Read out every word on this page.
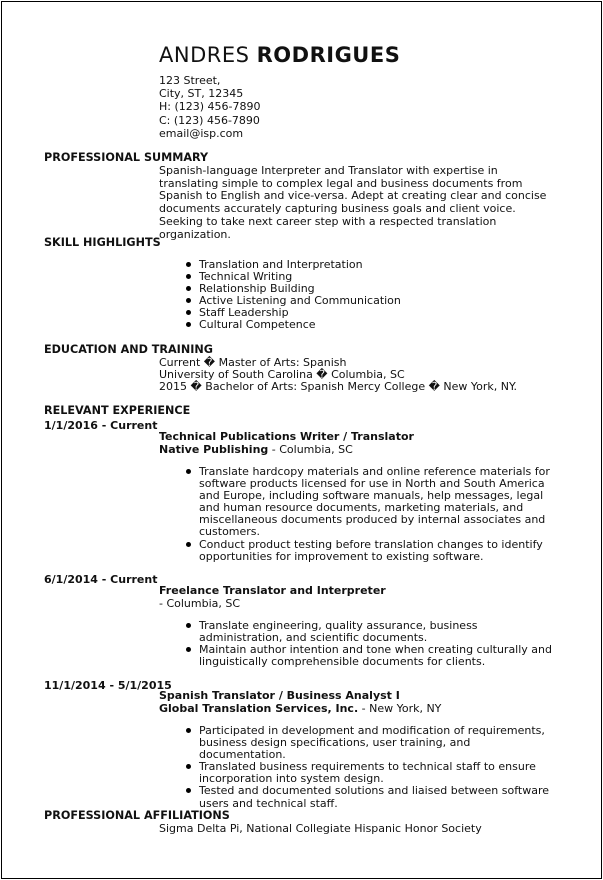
ANDRES RODRIGUES
123 Street,
City, ST, 12345
H: (123) 456-7890
C: (123) 456-7890
email@isp.com
PROFESSIONAL SUMMARY
Spanish-language Interpreter and Translator with expertise in translating simple to complex legal and business documents from Spanish to English and vice-versa. Adept at creating clear and concise documents accurately capturing business goals and client voice. Seeking to take next career step with a respected translation organization.
SKILL HIGHLIGHTS
Translation and Interpretation
Technical Writing
Relationship Building
Active Listening and Communication
Staff Leadership
Cultural Competence
EDUCATION AND TRAINING
Current � Master of Arts: Spanish
University of South Carolina � Columbia, SC
2015 � Bachelor of Arts: Spanish Mercy College � New York, NY.
RELEVANT EXPERIENCE
1/1/2016 - Current
Technical Publications Writer / Translator
Native Publishing - Columbia, SC
Translate hardcopy materials and online reference materials for software products licensed for use in North and South America and Europe, including software manuals, help messages, legal and human resource documents, marketing materials, and miscellaneous documents produced by internal associates and customers.
Conduct product testing before translation changes to identify opportunities for improvement to existing software.
6/1/2014 - Current
Freelance Translator and Interpreter
- Columbia, SC
Translate engineering, quality assurance, business administration, and scientific documents.
Maintain author intention and tone when creating culturally and linguistically comprehensible documents for clients.
11/1/2014 - 5/1/2015
Spanish Translator / Business Analyst I
Global Translation Services, Inc. - New York, NY
Participated in development and modification of requirements, business design specifications, user training, and documentation.
Translated business requirements to technical staff to ensure incorporation into system design.
Tested and documented solutions and liaised between software users and technical staff.
PROFESSIONAL AFFILIATIONS
Sigma Delta Pi, National Collegiate Hispanic Honor Society
